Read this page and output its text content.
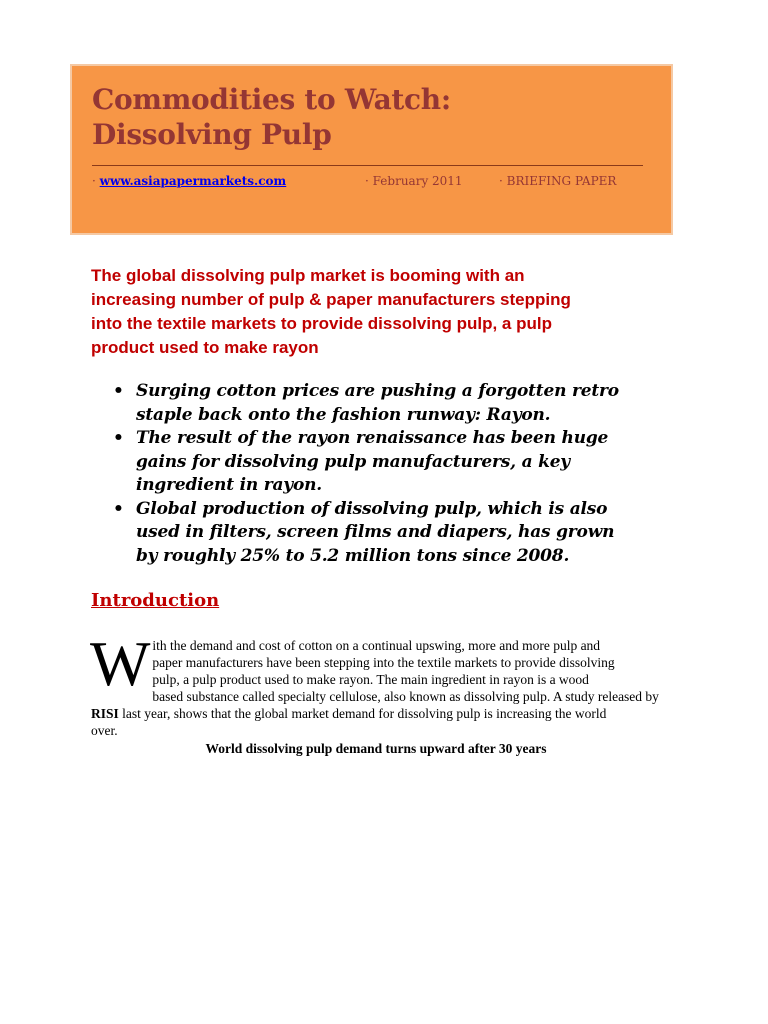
Commodities to Watch:
Dissolving Pulp
· www.asiapapermarkets.com	· February 2011	· BRIEFING PAPER

The global dissolving pulp market is booming with an
increasing number of pulp & paper manufacturers stepping
into the textile markets to provide dissolving pulp, a pulp
product used to make rayon

• Surging cotton prices are pushing a forgotten retro
staple back onto the fashion runway: Rayon.
• The result of the rayon renaissance has been huge
gains for dissolving pulp manufacturers, a key
ingredient in rayon.
• Global production of dissolving pulp, which is also
used in filters, screen films and diapers, has grown
by roughly 25% to 5.2 million tons since 2008.
Introduction

W ith the demand and cost of cotton on a continual upswing, more and more pulp and
paper manufacturers have been stepping into the textile markets to provide dissolving
pulp, a pulp product used to make rayon. The main ingredient in rayon is a wood
based substance called specialty cellulose, also known as dissolving pulp. A study released by
RISI last year, shows that the global market demand for dissolving pulp is increasing the world
over.

World dissolving pulp demand turns upward after 30 years
